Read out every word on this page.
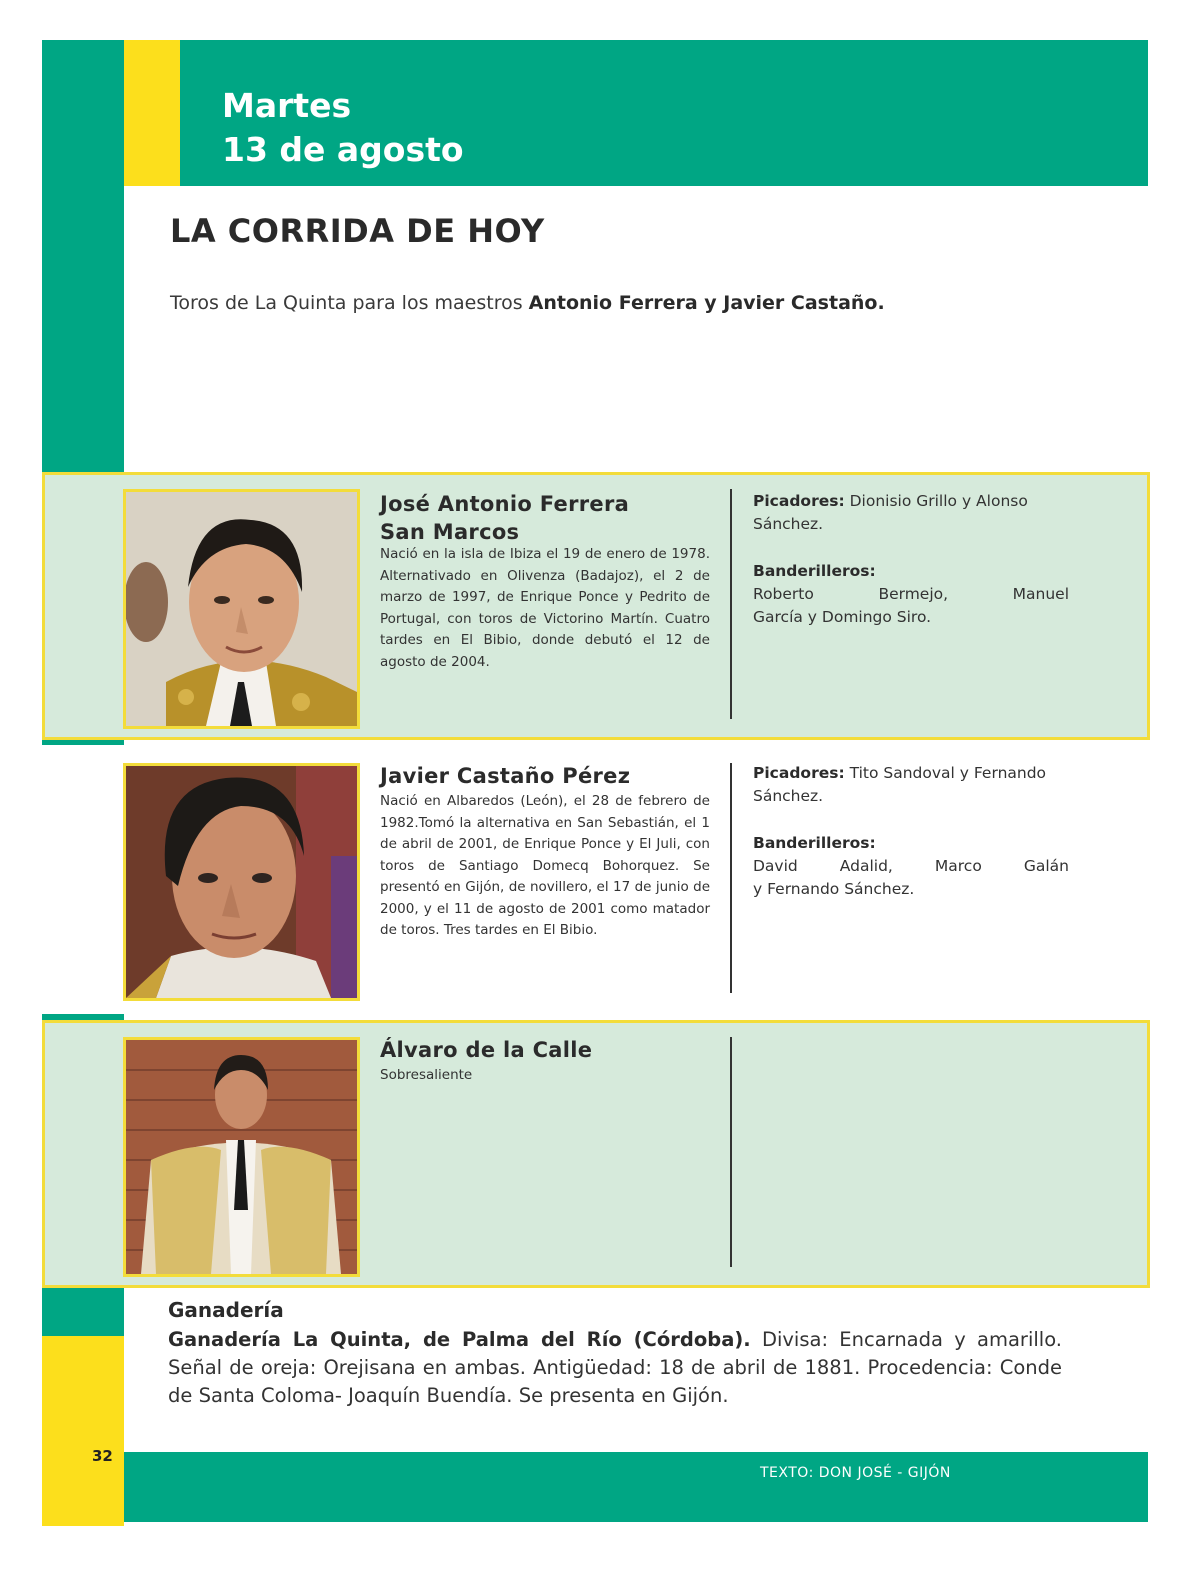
Martes
13 de agosto
LA CORRIDA DE HOY
Toros de La Quinta para los maestros Antonio Ferrera y Javier Castaño.
José Antonio Ferrera
San Marcos
Nació en la isla de Ibiza el 19 de enero de 1978. Alternativado en Olivenza (Badajoz), el 2 de marzo de 1997, de Enrique Ponce y Pedrito de Portugal, con toros de Victorino Martín. Cuatro tardes en El Bibio, donde debutó el 12 de agosto de 2004.
Picadores: Dionisio Grillo y Alonso Sánchez.
Banderilleros:
Roberto Bermejo, Manuel
García y Domingo Siro.
Javier Castaño Pérez
Nació en Albaredos (León), el 28 de febrero de 1982.Tomó la alternativa en San Sebastián, el 1 de abril de 2001, de Enrique Ponce y El Juli, con toros de Santiago Domecq Bohorquez. Se presentó en Gijón, de novillero, el 17 de junio de 2000, y el 11 de agosto de 2001 como matador de toros. Tres tardes en El Bibio.
Picadores: Tito Sandoval y Fernando Sánchez.
Banderilleros:
David Adalid, Marco Galán
y Fernando Sánchez.
Álvaro de la Calle
Sobresaliente
Ganadería
Ganadería La Quinta, de Palma del Río (Córdoba). Divisa: Encarnada y amarillo. Señal de oreja: Orejisana en ambas. Antigüedad: 18 de abril de 1881. Procedencia: Conde de Santa Coloma- Joaquín Buendía. Se presenta en Gijón.
32
TEXTO: DON JOSÉ - GIJÓN
